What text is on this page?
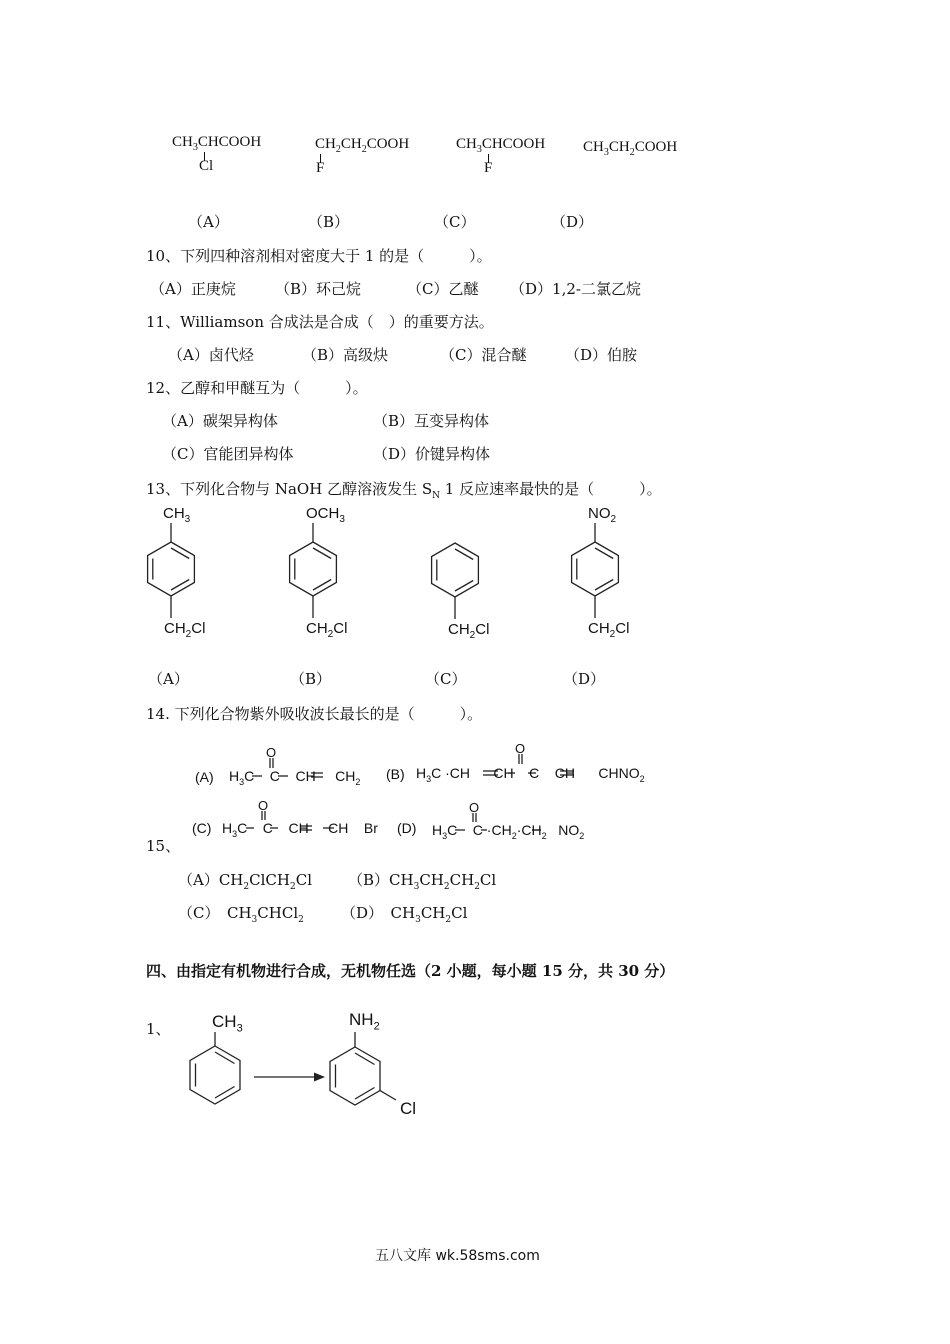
$CH_3CHCOOH$
Cl
$CH_2CH_2COOH$
F
$CH_3CHCOOH$
F
$CH_3CH_2COOH$
（A）	（B）	（C）	（D）
10、下列四种溶剂相对密度大于 1 的是（　　　）。
（A）正庚烷	（B）环己烷	（C）乙醚 （D）1,2-二氯乙烷
11、Williamson 合成法是合成（　）的重要方法。
（A）卤代烃	（B）高级炔	（C）混合醚	（D）伯胺
12、乙醇和甲醚互为（　　　）。
（A）碳架异构体	（B）互变异构体
（C）官能团异构体	（D）价键异构体
13、下列化合物与 NaOH 乙醇溶液发生 $S_N$ 1 反应速率最快的是（　　　）。
$CH_3$	$OCH_3$	$NO_2$
$CH_2Cl$	$CH_2Cl$	$CH_2Cl$	$CH_2Cl$
（A）	（B）	（C）	（D）
14. 下列化合物紫外吸收波长最长的是（　　　）。
(A)
O
$H_3C$    C    CH     $CH_2$ (B)
O
$H_3C \cdot CH$      CH    C    CH      $CHNO_2$
(C)
O
$H_3C$    C    CH     CH    Br (D)
O
$H_3C$    $C \cdot CH_2\cdot CH_2$   $NO_2$
15、
$(A)CH_2ClCH_2Cl$ $(B)CH_3CH_2CH_2Cl$
（C）　$CH_3CHCl_2$ （D）　$CH_3CH_2Cl$
四、由指定有机物进行合成，无机物任选（2 小题，每小题 15 分，共 30 分）
1、 $CH_3$	$NH_2$
Cl
五八文库 wk.58sms.com
